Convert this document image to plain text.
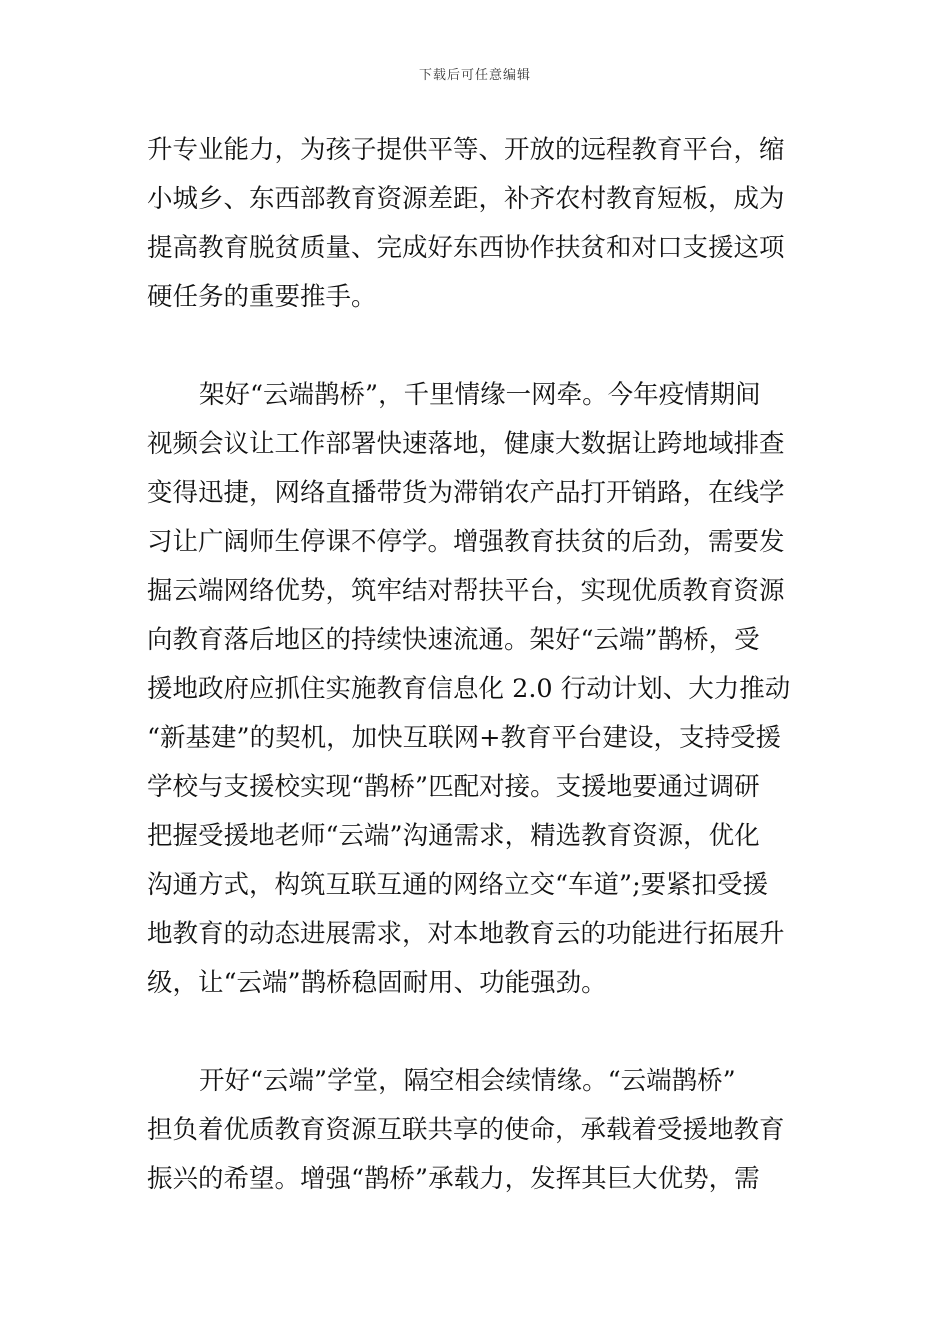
下载后可任意编辑

升专业能力，为孩子提供平等、开放的远程教育平台，缩
小城乡、东西部教育资源差距，补齐农村教育短板，成为
提高教育脱贫质量、完成好东西协作扶贫和对口支援这项
硬任务的重要推手。

架好“云端鹊桥”，千里情缘一网牵。今年疫情期间
视频会议让工作部署快速落地，健康大数据让跨地域排查
变得迅捷，网络直播带货为滞销农产品打开销路，在线学
习让广阔师生停课不停学。增强教育扶贫的后劲，需要发
掘云端网络优势，筑牢结对帮扶平台，实现优质教育资源
向教育落后地区的持续快速流通。架好“云端”鹊桥，受
援地政府应抓住实施教育信息化 2.0 行动计划、大力推动
“新基建”的契机，加快互联网+教育平台建设，支持受援
学校与支援校实现“鹊桥”匹配对接。支援地要通过调研
把握受援地老师“云端”沟通需求，精选教育资源，优化
沟通方式，构筑互联互通的网络立交“车道”;要紧扣受援
地教育的动态进展需求，对本地教育云的功能进行拓展升
级，让“云端”鹊桥稳固耐用、功能强劲。

开好“云端”学堂，隔空相会续情缘。“云端鹊桥”
担负着优质教育资源互联共享的使命，承载着受援地教育
振兴的希望。增强“鹊桥”承载力，发挥其巨大优势，需
